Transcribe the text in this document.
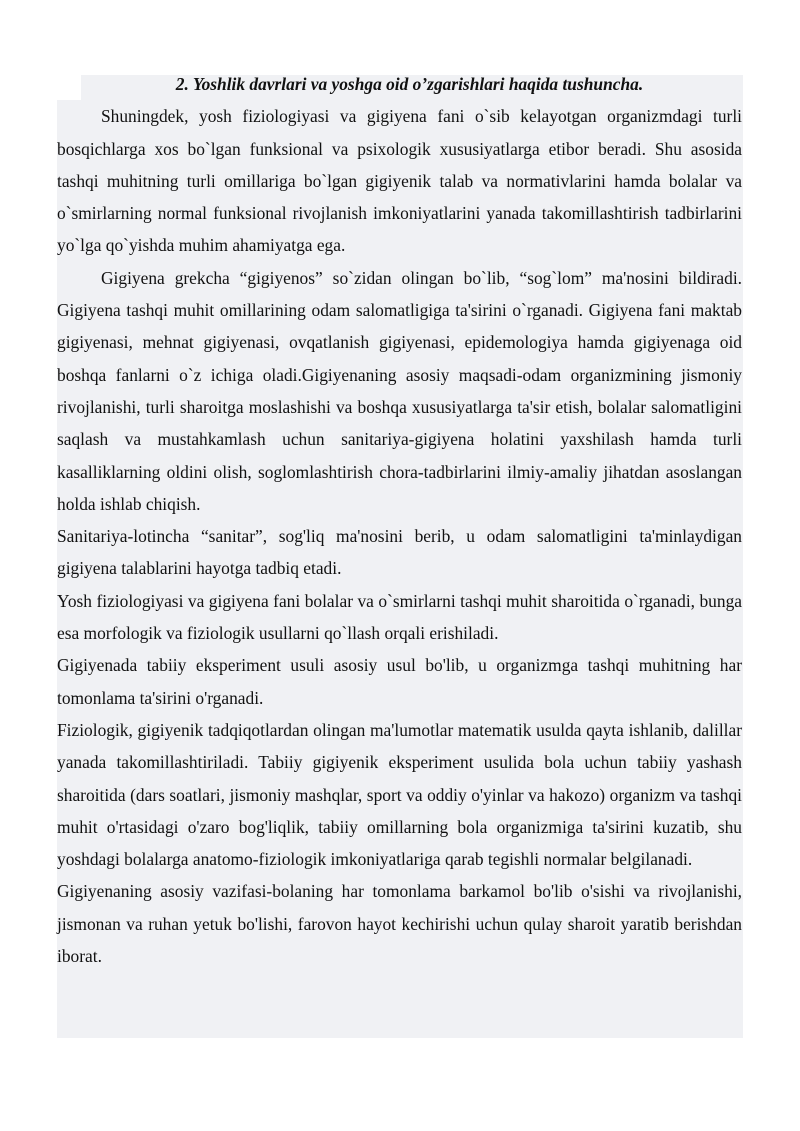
2. Yoshlik davrlari va yoshga oid o’zgarishlari haqida tushuncha.

Shuningdek, yosh fiziologiyasi va gigiyena fani o`sib kelayotgan organizmdagi turli bosqichlarga xos bo`lgan funksional va psixologik xususiyatlarga etibor beradi. Shu asosida tashqi muhitning turli omillariga bo`lgan gigiyenik talab va normativlarini hamda bolalar va o`smirlarning normal funksional rivojlanish imkoniyatlarini yanada takomillashtirish tadbirlarini yo`lga qo`yishda muhim ahamiyatga ega.

Gigiyena grekcha “gigiyenos” so`zidan olingan bo`lib, “sog`lom” ma'nosini bildiradi. Gigiyena tashqi muhit omillarining odam salomatligiga ta'sirini o`rganadi. Gigiyena fani maktab gigiyenasi, mehnat gigiyenasi, ovqatlanish gigiyenasi, epidemologiya hamda gigiyenaga oid boshqa fanlarni o`z ichiga oladi.Gigiyenaning asosiy maqsadi-odam organizmining jismoniy rivojlanishi, turli sharoitga moslashishi va boshqa xususiyatlarga ta'sir etish, bolalar salomatligini saqlash va mustahkamlash uchun sanitariya-gigiyena holatini yaxshilash hamda turli kasalliklarning oldini olish, soglomlashtirish chora-tadbirlarini ilmiy-amaliy jihatdan asoslangan holda ishlab chiqish.

Sanitariya-lotincha “sanitar”, sog'liq ma'nosini berib, u odam salomatligini ta'minlaydigan gigiyena talablarini hayotga tadbiq etadi.

Yosh fiziologiyasi va gigiyena fani bolalar va o`smirlarni tashqi muhit sharoitida o`rganadi, bunga esa morfologik va fiziologik usullarni qo`llash orqali erishiladi.

Gigiyenada tabiiy eksperiment usuli asosiy usul bo'lib, u organizmga tashqi muhitning har tomonlama ta'sirini o'rganadi.

Fiziologik, gigiyenik tadqiqotlardan olingan ma'lumotlar matematik usulda qayta ishlanib, dalillar yanada takomillashtiriladi. Tabiiy gigiyenik eksperiment usulida bola uchun tabiiy yashash sharoitida (dars soatlari, jismoniy mashqlar, sport va oddiy o'yinlar va hakozo) organizm va tashqi muhit o'rtasidagi o'zaro bog'liqlik, tabiiy omillarning bola organizmiga ta'sirini kuzatib, shu yoshdagi bolalarga anatomo-fiziologik imkoniyatlariga qarab tegishli normalar belgilanadi.

Gigiyenaning asosiy vazifasi-bolaning har tomonlama barkamol bo'lib o'sishi va rivojlanishi, jismonan va ruhan yetuk bo'lishi, farovon hayot kechirishi uchun qulay sharoit yaratib berishdan iborat.
